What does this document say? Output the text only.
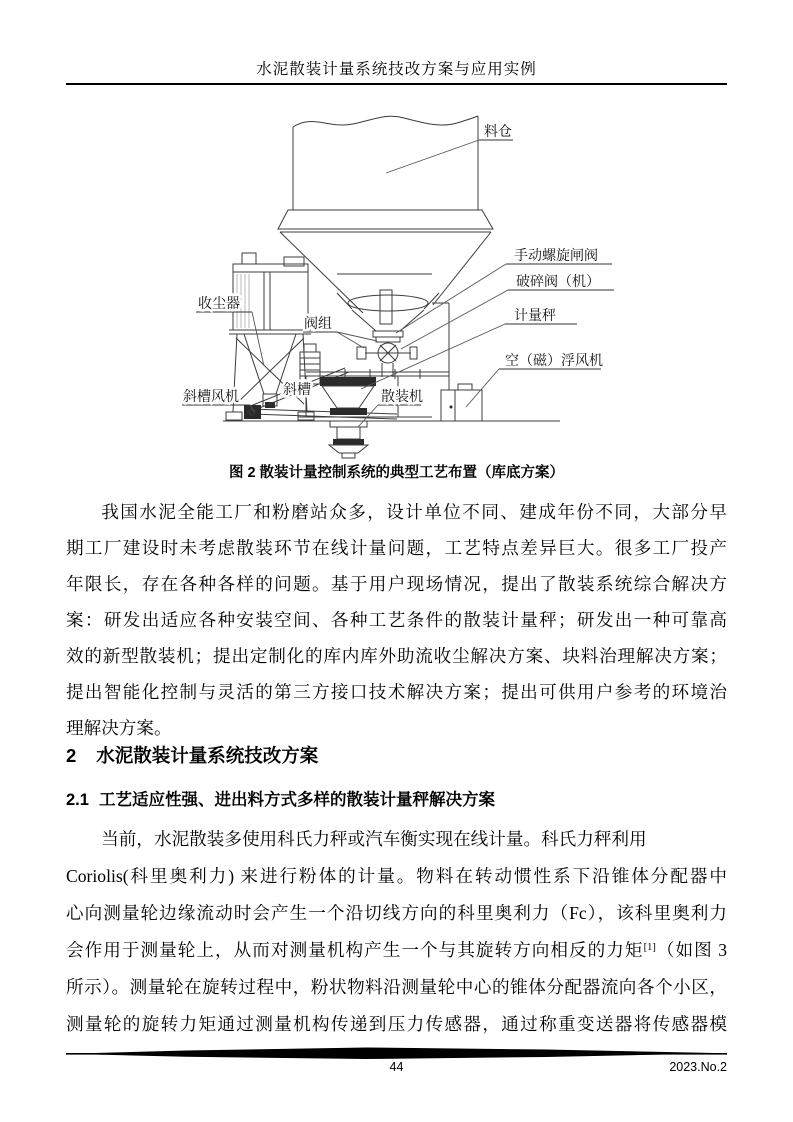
水泥散装计量系统技改方案与应用实例
料仓
手动螺旋闸阀
破碎阀（机）
计量秤
空（磁）浮风机
收尘器
阀组
斜槽风机	斜槽	散装机
图 2 散装计量控制系统的典型工艺布置（库底方案）
我国水泥全能工厂和粉磨站众多，设计单位不同、建成年份不同，大部分早
期工厂建设时未考虑散装环节在线计量问题，工艺特点差异巨大。很多工厂投产
年限长，存在各种各样的问题。基于用户现场情况，提出了散装系统综合解决方
案：研发出适应各种安装空间、各种工艺条件的散装计量秤；研发出一种可靠高
效的新型散装机；提出定制化的库内库外助流收尘解决方案、块料治理解决方案；
提出智能化控制与灵活的第三方接口技术解决方案；提出可供用户参考的环境治
理解决方案。
2 水泥散装计量系统技改方案
2.1 工艺适应性强、进出料方式多样的散装计量秤解决方案
当前，水泥散装多使用科氏力秤或汽车衡实现在线计量。科氏力秤利用
Coriolis(科里奥利力) 来进行粉体的计量。物料在转动惯性系下沿锥体分配器中
心向测量轮边缘流动时会产生一个沿切线方向的科里奥利力（Fc），该科里奥利力
会作用于测量轮上，从而对测量机构产生一个与其旋转方向相反的力矩[1]（如图 3
所示）。测量轮在旋转过程中，粉状物料沿测量轮中心的锥体分配器流向各个小区，
测量轮的旋转力矩通过测量机构传递到压力传感器，通过称重变送器将传感器模
44	2023.No.2
